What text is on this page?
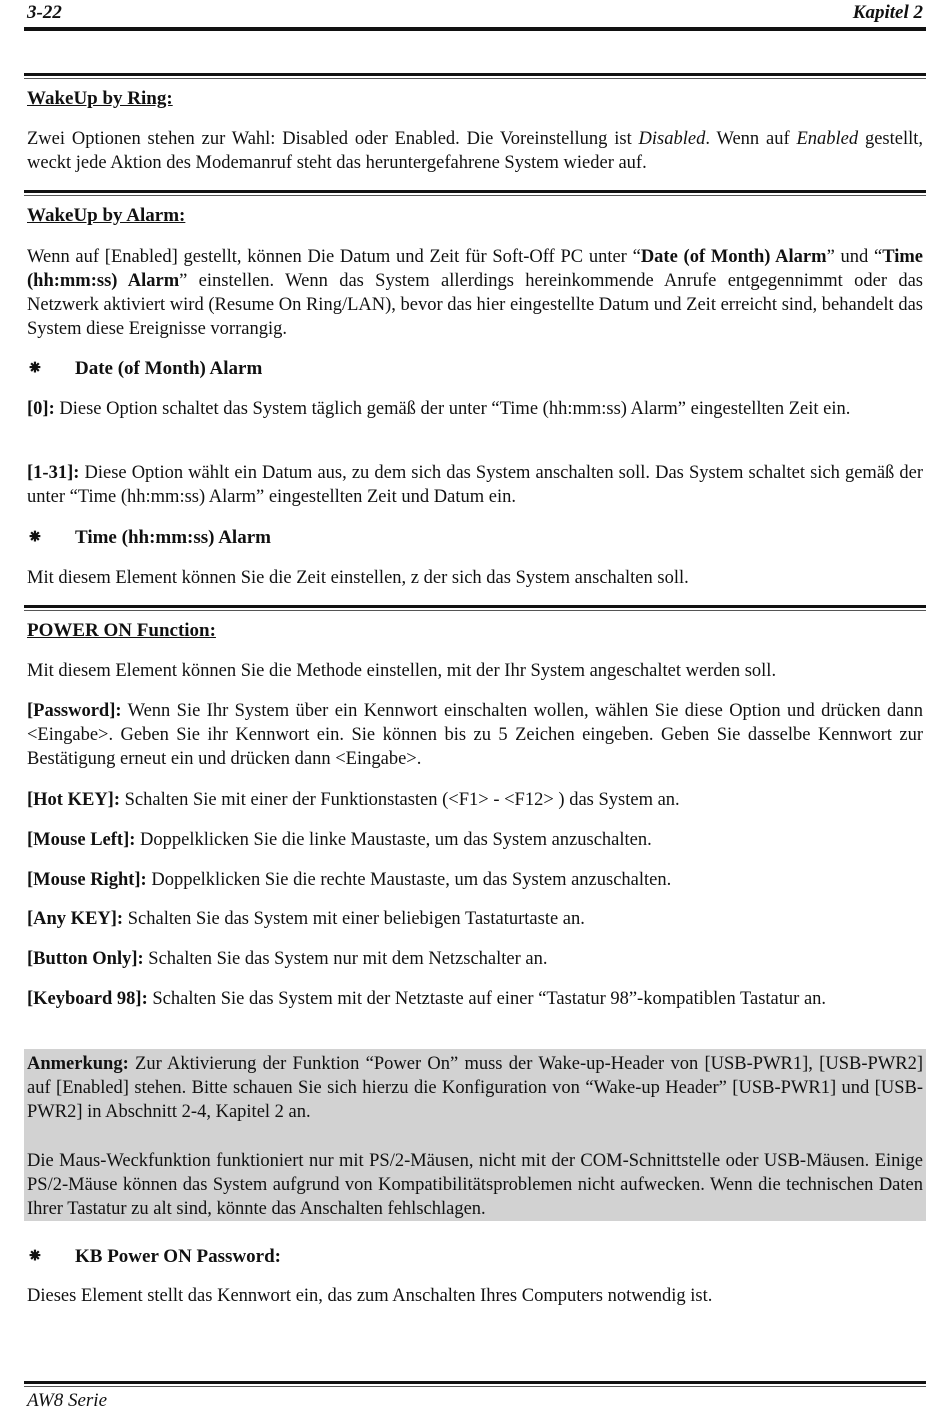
3-22	Kapitel 2
WakeUp by Ring:
Zwei Optionen stehen zur Wahl: Disabled oder Enabled. Die Voreinstellung ist Disabled. Wenn auf Enabled gestellt, weckt jede Aktion des Modemanruf steht das heruntergefahrene System wieder auf.
WakeUp by Alarm:
Wenn auf [Enabled] gestellt, können Die Datum und Zeit für Soft-Off PC unter “Date (of Month) Alarm” und “Time (hh:mm:ss) Alarm” einstellen. Wenn das System allerdings hereinkommende Anrufe entgegennimmt oder das Netzwerk aktiviert wird (Resume On Ring/LAN), bevor das hier eingestellte Datum und Zeit erreicht sind, behandelt das System diese Ereignisse vorrangig.
⁕ Date (of Month) Alarm
[0]: Diese Option schaltet das System täglich gemäß der unter “Time (hh:mm:ss) Alarm” eingestellten Zeit ein.
[1-31]: Diese Option wählt ein Datum aus, zu dem sich das System anschalten soll. Das System schaltet sich gemäß der unter “Time (hh:mm:ss) Alarm” eingestellten Zeit und Datum ein.
⁕ Time (hh:mm:ss) Alarm
Mit diesem Element können Sie die Zeit einstellen, z der sich das System anschalten soll.
POWER ON Function:
Mit diesem Element können Sie die Methode einstellen, mit der Ihr System angeschaltet werden soll.
[Password]: Wenn Sie Ihr System über ein Kennwort einschalten wollen, wählen Sie diese Option und drücken dann <Eingabe>. Geben Sie ihr Kennwort ein. Sie können bis zu 5 Zeichen eingeben. Geben Sie dasselbe Kennwort zur Bestätigung erneut ein und drücken dann <Eingabe>.
[Hot KEY]: Schalten Sie mit einer der Funktionstasten (<F1> - <F12> ) das System an.
[Mouse Left]: Doppelklicken Sie die linke Maustaste, um das System anzuschalten.
[Mouse Right]: Doppelklicken Sie die rechte Maustaste, um das System anzuschalten.
[Any KEY]: Schalten Sie das System mit einer beliebigen Tastaturtaste an.
[Button Only]: Schalten Sie das System nur mit dem Netzschalter an.
[Keyboard 98]: Schalten Sie das System mit der Netztaste auf einer “Tastatur 98”-kompatiblen Tastatur an.
Anmerkung: Zur Aktivierung der Funktion “Power On” muss der Wake-up-Header von [USB-PWR1], [USB-PWR2] auf [Enabled] stehen. Bitte schauen Sie sich hierzu die Konfiguration von “Wake-up Header” [USB-PWR1] und [USB-PWR2] in Abschnitt 2-4, Kapitel 2 an.
Die Maus-Weckfunktion funktioniert nur mit PS/2-Mäusen, nicht mit der COM-Schnittstelle oder USB-Mäusen. Einige PS/2-Mäuse können das System aufgrund von Kompatibilitätsproblemen nicht aufwecken. Wenn die technischen Daten Ihrer Tastatur zu alt sind, könnte das Anschalten fehlschlagen.
⁕ KB Power ON Password:
Dieses Element stellt das Kennwort ein, das zum Anschalten Ihres Computers notwendig ist.
AW8 Serie
